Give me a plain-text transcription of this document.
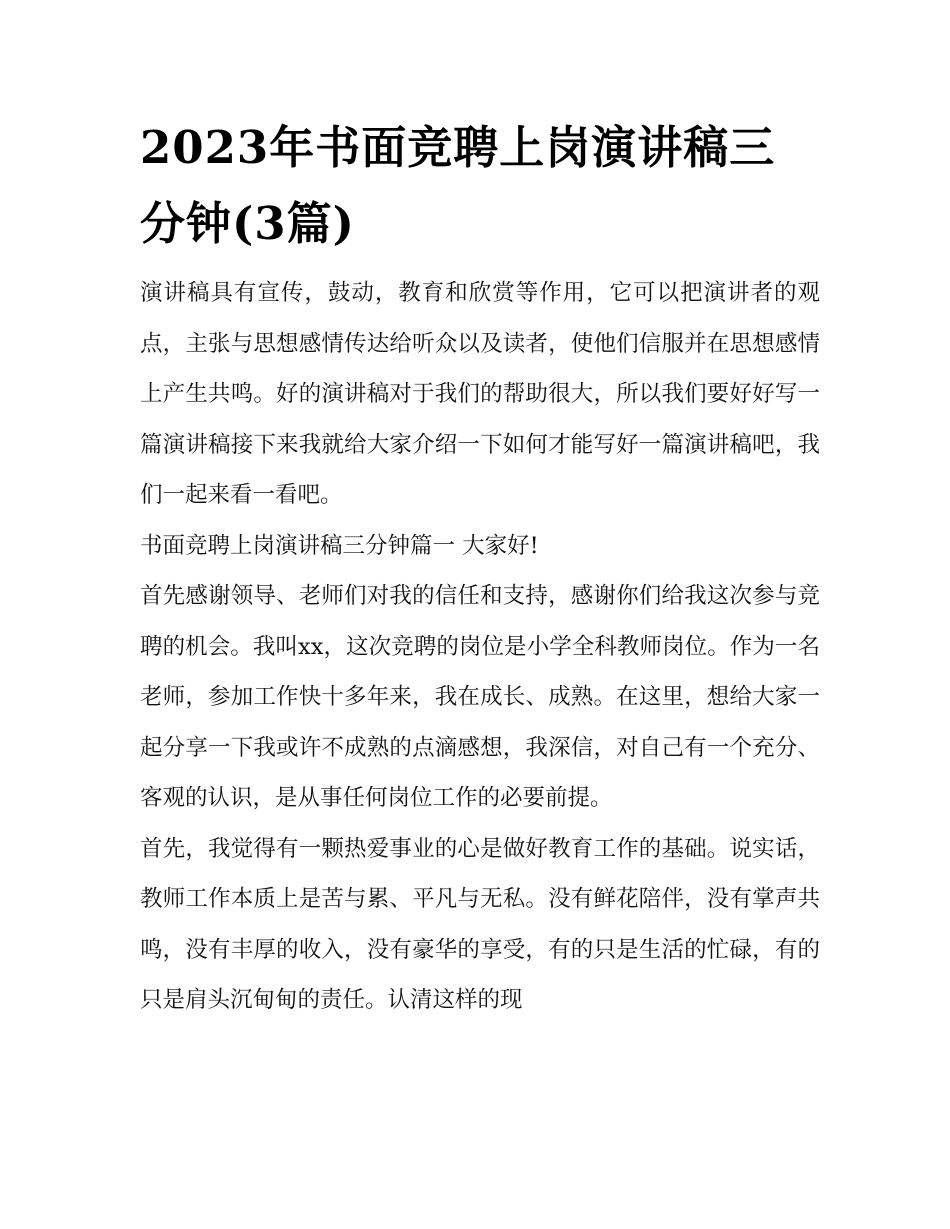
2023年书面竞聘上岗演讲稿三分钟(3篇)

演讲稿具有宣传，鼓动，教育和欣赏等作用，它可以把演讲者的观点，主张与思想感情传达给听众以及读者，使他们信服并在思想感情上产生共鸣。好的演讲稿对于我们的帮助很大，所以我们要好好写一篇演讲稿接下来我就给大家介绍一下如何才能写好一篇演讲稿吧，我们一起来看一看吧。

书面竞聘上岗演讲稿三分钟篇一 大家好!

首先感谢领导、老师们对我的信任和支持，感谢你们给我这次参与竞聘的机会。我叫xx，这次竞聘的岗位是小学全科教师岗位。作为一名老师，参加工作快十多年来，我在成长、成熟。在这里，想给大家一起分享一下我或许不成熟的点滴感想，我深信，对自己有一个充分、客观的认识，是从事任何岗位工作的必要前提。

首先，我觉得有一颗热爱事业的心是做好教育工作的基础。说实话，教师工作本质上是苦与累、平凡与无私。没有鲜花陪伴，没有掌声共鸣，没有丰厚的收入，没有豪华的享受，有的只是生活的忙碌，有的只是肩头沉甸甸的责任。认清这样的现
